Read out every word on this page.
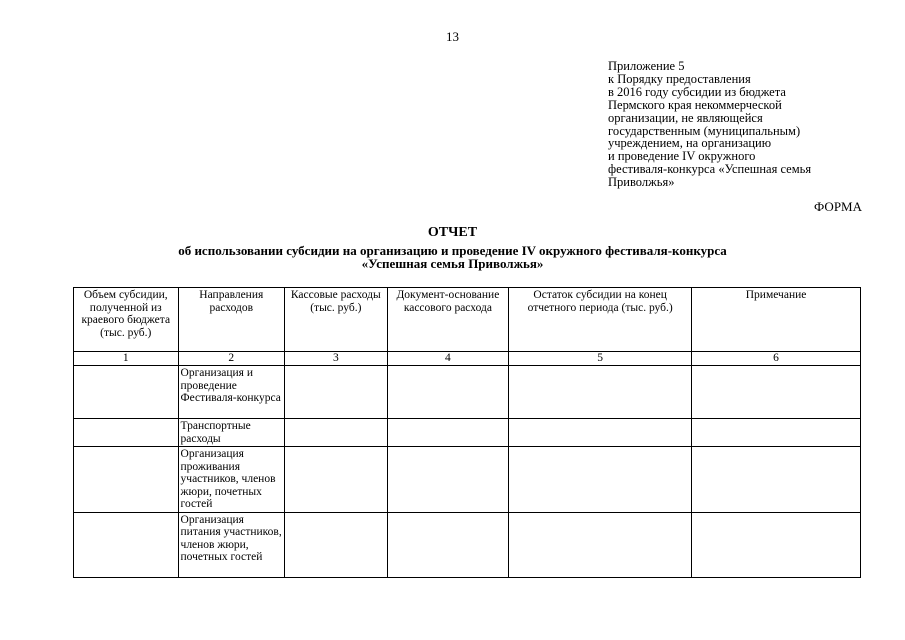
13
Приложение 5
к Порядку предоставления
в 2016 году субсидии из бюджета
Пермского края некоммерческой
организации, не являющейся
государственным (муниципальным)
учреждением, на организацию
и проведение IV окружного
фестиваля-конкурса «Успешная семья
Приволжья»
ФОРМА
ОТЧЕТ
об использовании субсидии на организацию и проведение IV окружного фестиваля-конкурса
«Успешная семья Приволжья»
Объем субсидии, полученной из краевого бюджета (тыс. руб.)	Направления расходов	Кассовые расходы (тыс. руб.)	Документ-основание кассового расхода	Остаток субсидии на конец отчетного периода (тыс. руб.)	Примечание
1	2	3	4	5	6
	Организация и проведение Фестиваля-конкурса				
	Транспортные расходы				
	Организация проживания участников, членов жюри, почетных гостей				
	Организация питания участников, членов жюри, почетных гостей				
